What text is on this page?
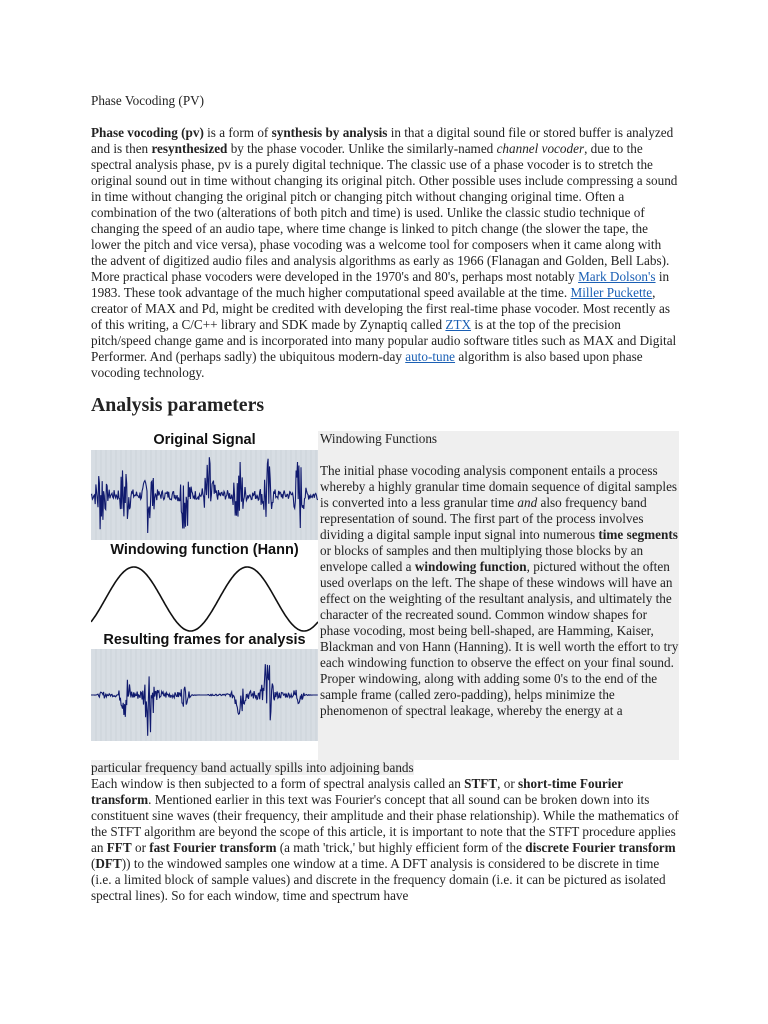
Phase Vocoding (PV)

Phase vocoding (pv) is a form of synthesis by analysis in that a digital sound file or stored buffer is analyzed and is then resynthesized by the phase vocoder. Unlike the similarly-named channel vocoder, due to the spectral analysis phase, pv is a purely digital technique. The classic use of a phase vocoder is to stretch the original sound out in time without changing its original pitch. Other possible uses include compressing a sound in time without changing the original pitch or changing pitch without changing original time. Often a combination of the two (alterations of both pitch and time) is used. Unlike the classic studio technique of changing the speed of an audio tape, where time change is linked to pitch change (the slower the tape, the lower the pitch and vice versa), phase vocoding was a welcome tool for composers when it came along with the advent of digitized audio files and analysis algorithms as early as 1966 (Flanagan and Golden, Bell Labs). More practical phase vocoders were developed in the 1970's and 80's, perhaps most notably Mark Dolson's in 1983. These took advantage of the much higher computational speed available at the time. Miller Puckette, creator of MAX and Pd, might be credited with developing the first real-time phase vocoder. Most recently as of this writing, a C/C++ library and SDK made by Zynaptiq called ZTX is at the top of the precision pitch/speed change game and is incorporated into many popular audio software titles such as MAX and Digital Performer. And (perhaps sadly) the ubiquitous modern-day auto-tune algorithm is also based upon phase vocoding technology.

Analysis parameters
Original Signal
Windowing function (Hann)
Resulting frames for analysis

Windowing Functions

The initial phase vocoding analysis component entails a process whereby a highly granular time domain sequence of digital samples is converted into a less granular time and also frequency band representation of sound. The first part of the process involves dividing a digital sample input signal into numerous time segments or blocks of samples and then multiplying those blocks by an envelope called a windowing function, pictured without the often used overlaps on the left. The shape of these windows will have an effect on the weighting of the resultant analysis, and ultimately the character of the recreated sound. Common window shapes for phase vocoding, most being bell-shaped, are Hamming, Kaiser, Blackman and von Hann (Hanning). It is well worth the effort to try each windowing function to observe the effect on your final sound. Proper windowing, along with adding some 0's to the end of the sample frame (called zero-padding), helps minimize the phenomenon of spectral leakage, whereby the energy at a

particular frequency band actually spills into adjoining bands

Each window is then subjected to a form of spectral analysis called an STFT, or short-time Fourier transform. Mentioned earlier in this text was Fourier's concept that all sound can be broken down into its constituent sine waves (their frequency, their amplitude and their phase relationship). While the mathematics of the STFT algorithm are beyond the scope of this article, it is important to note that the STFT procedure applies an FFT or fast Fourier transform (a math 'trick,' but highly efficient form of the discrete Fourier transform (DFT)) to the windowed samples one window at a time. A DFT analysis is considered to be discrete in time (i.e. a limited block of sample values) and discrete in the frequency domain (i.e. it can be pictured as isolated spectral lines). So for each window, time and spectrum have
